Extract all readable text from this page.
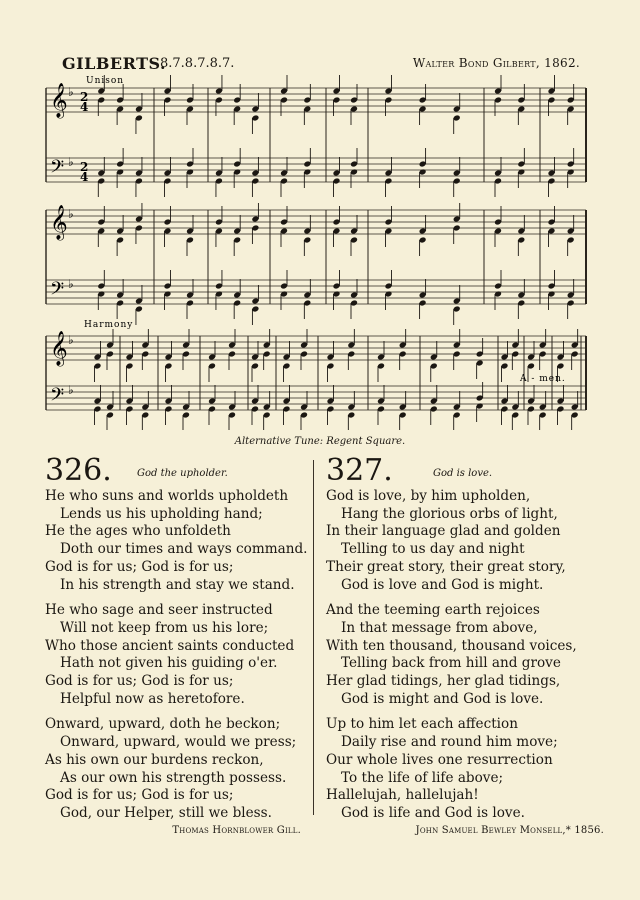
GILBERTS.
8.7.8.7.8.7.	Walter Bond Gilbert, 1862.
𝄞 ♭
𝄢 ♭
𝄞 ♭
𝄢 ♭
𝄞 ♭
𝄢 ♭
Unison
Harmony
2
4
2
4
A - men.
Alternative Tune: Regent Square.
326.	God the upholder.
He who suns and worlds upholdeth
Lends us his upholding hand;
He the ages who unfoldeth
Doth our times and ways command.
God is for us; God is for us;
In his strength and stay we stand.
He who sage and seer instructed
Will not keep from us his lore;
Who those ancient saints conducted
Hath not given his guiding o'er.
God is for us; God is for us;
Helpful now as heretofore.
Onward, upward, doth he beckon;
Onward, upward, would we press;
As his own our burdens reckon,
As our own his strength possess.
God is for us; God is for us;
God, our Helper, still we bless.
Thomas Hornblower Gill.
327.	God is love.
God is love, by him upholden,
Hang the glorious orbs of light,
In their language glad and golden
Telling to us day and night
Their great story, their great story,
God is love and God is might.
And the teeming earth rejoices
In that message from above,
With ten thousand, thousand voices,
Telling back from hill and grove
Her glad tidings, her glad tidings,
God is might and God is love.
Up to him let each affection
Daily rise and round him move;
Our whole lives one resurrection
To the life of life above;
Hallelujah, hallelujah!
God is life and God is love.
John Samuel Bewley Monsell,* 1856.
